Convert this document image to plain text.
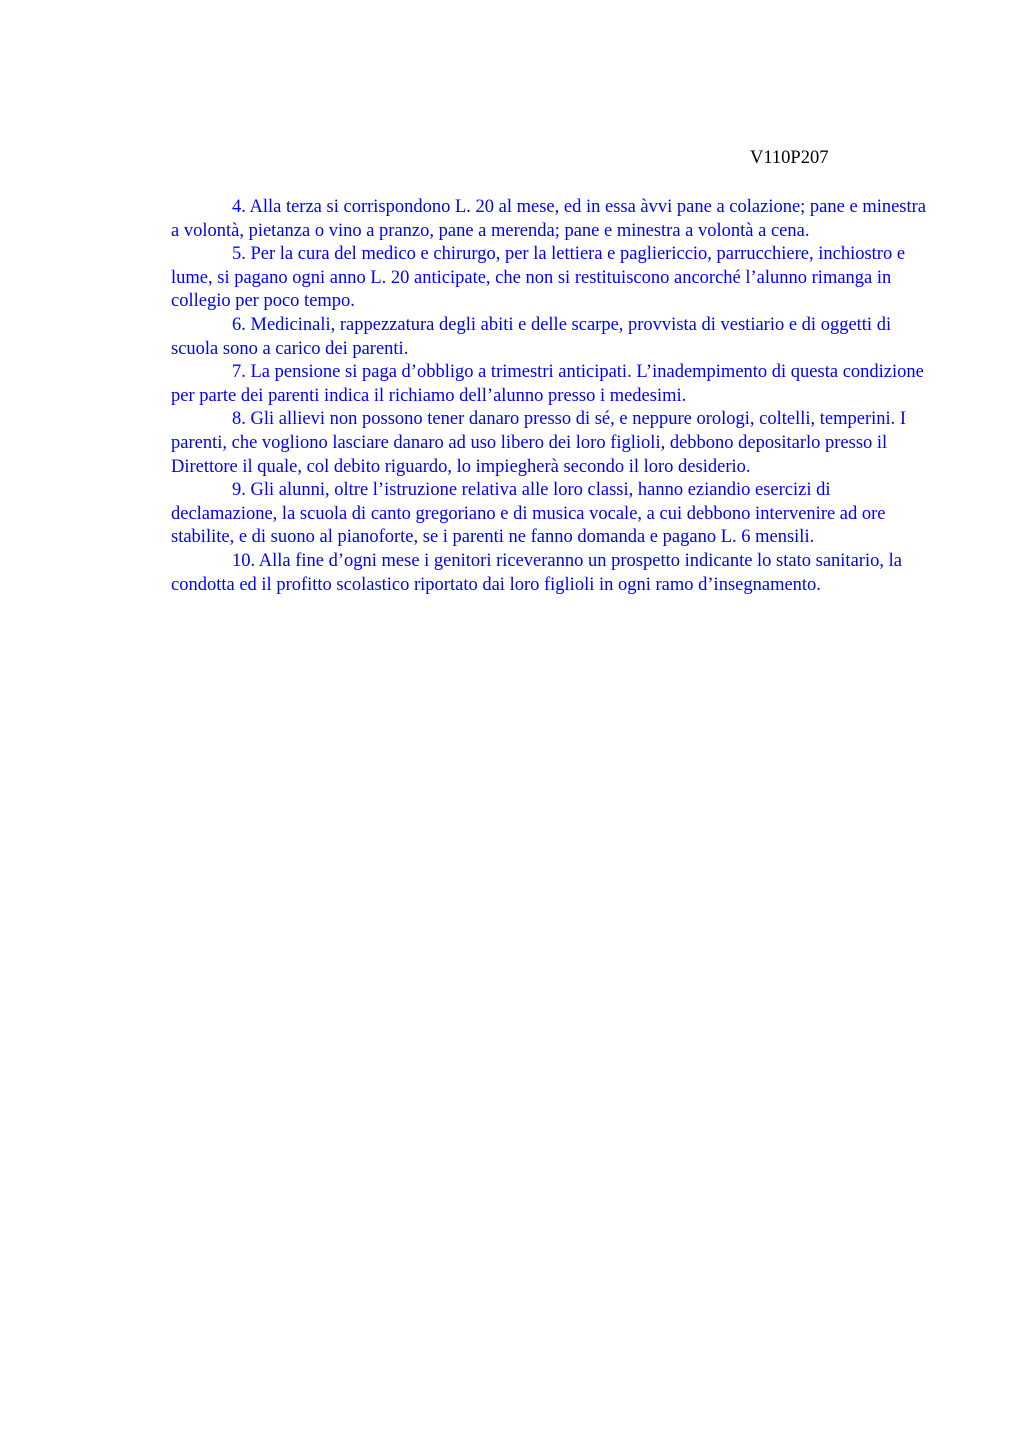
V110P207

4. Alla terza si corrispondono L. 20 al mese, ed in essa àvvi pane a colazione; pane e minestra a volontà, pietanza o vino a pranzo, pane a merenda; pane e minestra a volontà a cena.

5. Per la cura del medico e chirurgo, per la lettiera e pagliericcio, parrucchiere, inchiostro e lume, si pagano ogni anno L. 20 anticipate, che non si restituiscono ancorché l’alunno rimanga in collegio per poco tempo.

6. Medicinali, rappezzatura degli abiti e delle scarpe, provvista di vestiario e di oggetti di scuola sono a carico dei parenti.

7. La pensione si paga d’obbligo a trimestri anticipati. L’inadempimento di questa condizione per parte dei parenti indica il richiamo dell’alunno presso i medesimi.

8. Gli allievi non possono tener danaro presso di sé, e neppure orologi, coltelli, temperini. I parenti, che vogliono lasciare danaro ad uso libero dei loro figlioli, debbono depositarlo presso il Direttore il quale, col debito riguardo, lo impiegherà secondo il loro desiderio.

9. Gli alunni, oltre l’istruzione relativa alle loro classi, hanno eziandio esercizi di declamazione, la scuola di canto gregoriano e di musica vocale, a cui debbono intervenire ad ore stabilite, e di suono al pianoforte, se i parenti ne fanno domanda e pagano L. 6 mensili.

10. Alla fine d’ogni mese i genitori riceveranno un prospetto indicante lo stato sanitario, la condotta ed il profitto scolastico riportato dai loro figlioli in ogni ramo d’insegnamento.
